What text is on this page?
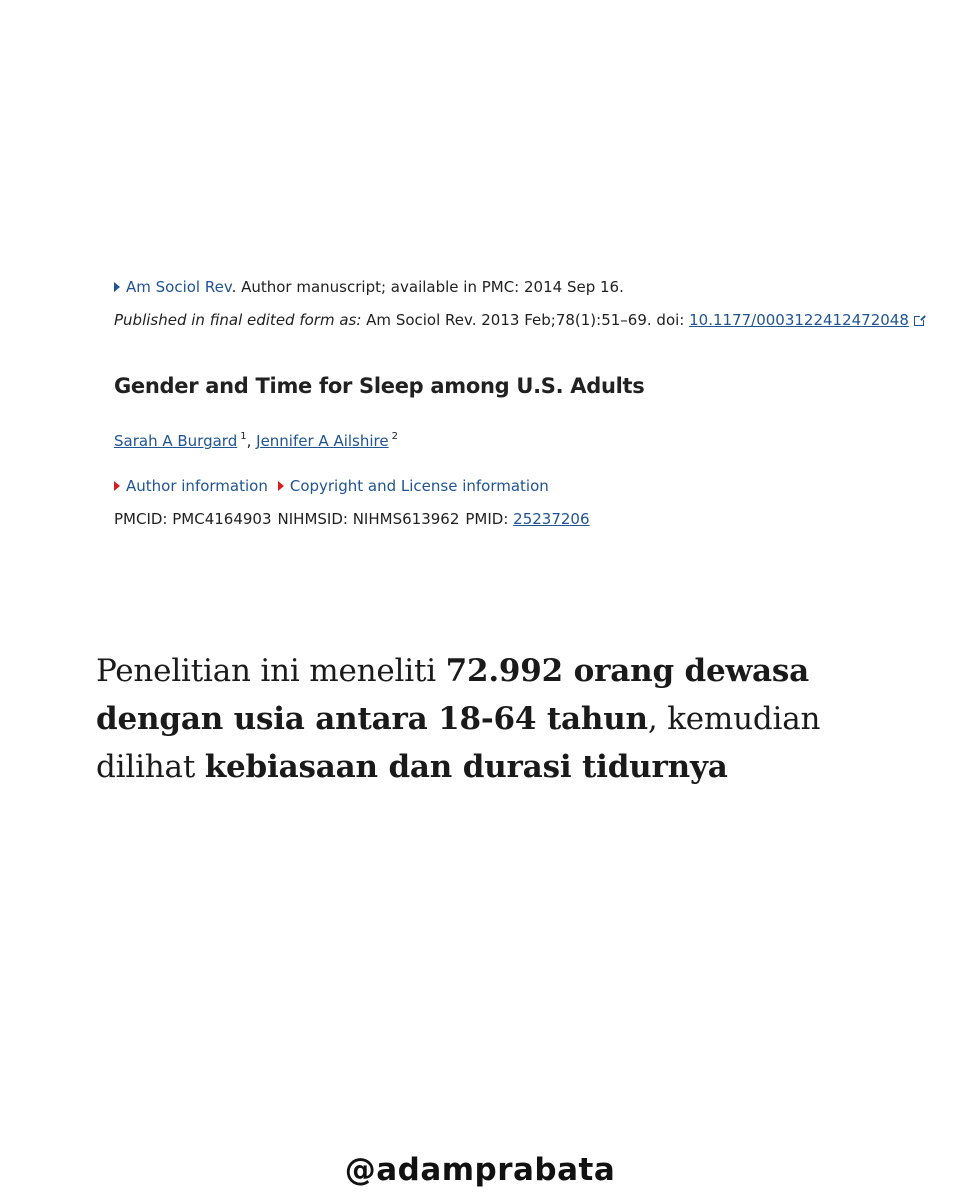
Am Sociol Rev. Author manuscript; available in PMC: 2014 Sep 16.
Published in final edited form as: Am Sociol Rev. 2013 Feb;78(1):51–69. doi: 10.1177/0003122412472048
Gender and Time for Sleep among U.S. Adults
Sarah A Burgard $^1$, Jennifer A Ailshire $^2$
Author information Copyright and License information
PMCID: PMC4164903 NIHMSID: NIHMS613962 PMID: 25237206
Penelitian ini meneliti 72.992 orang dewasa dengan usia antara 18-64 tahun, kemudian dilihat kebiasaan dan durasi tidurnya
@adamprabata
